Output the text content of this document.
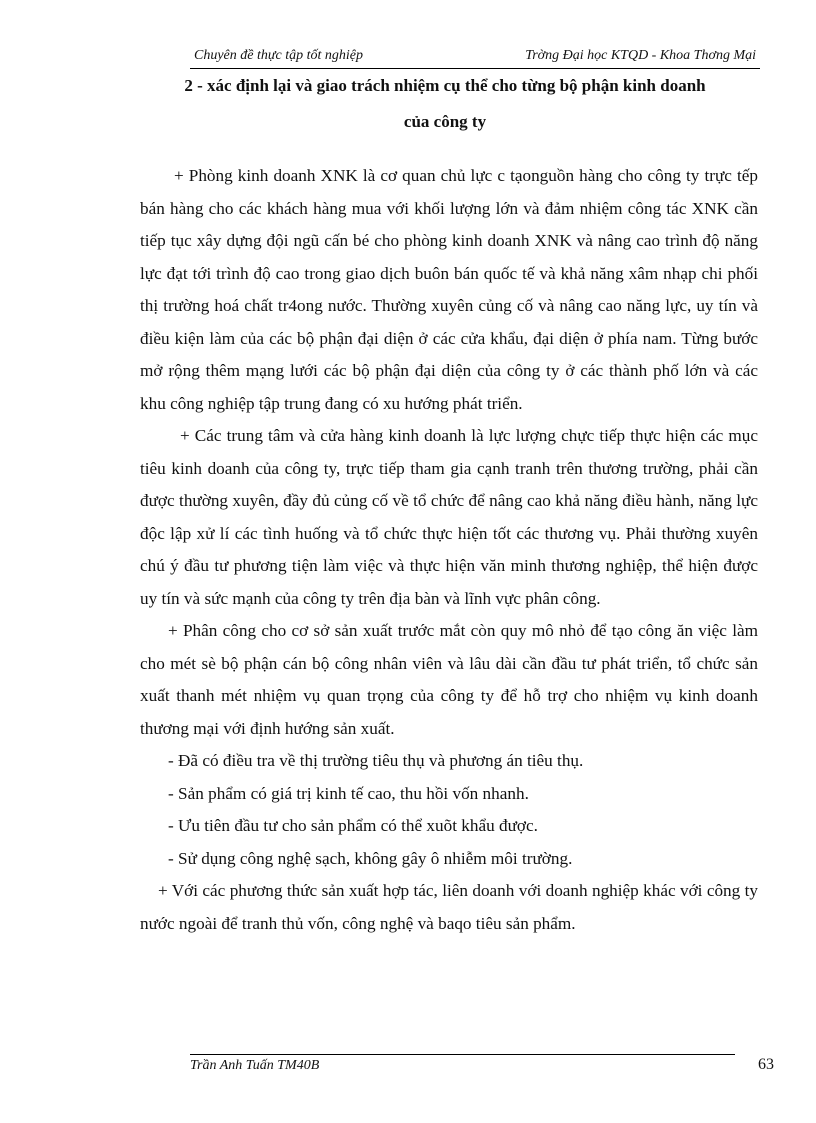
Chuyên đề thực tập tốt nghiệp	Trờng Đại học KTQD - Khoa Thơng Mại
2 - xác định lại và giao trách nhiệm cụ thể cho từng bộ phận kinh doanh
của công ty

+ Phòng kinh doanh XNK là cơ quan chủ lực c tạonguồn hàng cho công ty trực tếp bán hàng cho các khách hàng mua với khối lượng lớn và đảm nhiệm công tác XNK cần tiếp tục xây dựng đội ngũ cấn bé cho phòng kinh doanh XNK và nâng cao trình độ năng lực đạt tới trình độ cao trong giao dịch buôn bán quốc tế và khả năng xâm nhạp chi phối thị trường hoá chất tr4ong nước. Thường xuyên củng cố và nâng cao năng lực, uy tín và điều kiện làm của các bộ phận đại diện ở các cửa khẩu, đại diện ở phía nam. Từng bước mở rộng thêm mạng lưới các bộ phận đại diện của công ty ở các thành phố lớn và các khu công nghiệp tập trung đang có xu hướng phát triển.

+ Các trung tâm và cửa hàng kinh doanh là lực lượng chực tiếp thực hiện các mục tiêu kinh doanh của công ty, trực tiếp tham gia cạnh tranh trên thương trường, phải cần được thường xuyên, đầy đủ củng cố về tổ chức để nâng cao khả năng điều hành, năng lực độc lập xử lí các tình huống và tổ chức thực hiện tốt các thương vụ. Phải thường xuyên chú ý đầu tư phương tiện làm việc và thực hiện văn minh thương nghiệp, thể hiện được uy tín và sức mạnh của công ty trên địa bàn và lĩnh vực phân công.

+ Phân công cho cơ sở sản xuất trước mắt còn quy mô nhỏ để tạo công ăn việc làm cho mét sè bộ phận cán bộ công nhân viên và lâu dài cần đầu tư phát triển, tổ chức sản xuất thanh mét nhiệm vụ quan trọng của công ty để hỗ trợ cho nhiệm vụ kinh doanh thương mại với định hướng sản xuất.

- Đã có điều tra về thị trường tiêu thụ và phương án tiêu thụ.

- Sản phẩm có giá trị kinh tế cao, thu hồi vốn nhanh.

- Ưu tiên đầu tư cho sản phẩm có thể xuõt khẩu được.

- Sử dụng công nghệ sạch, không gây ô nhiễm môi trường.

+ Với các phương thức sản xuất hợp tác, liên doanh với doanh nghiệp khác với công ty nước ngoài để tranh thủ vốn, công nghệ và baqo tiêu sản phẩm.

Trần Anh Tuấn TM40B	63
